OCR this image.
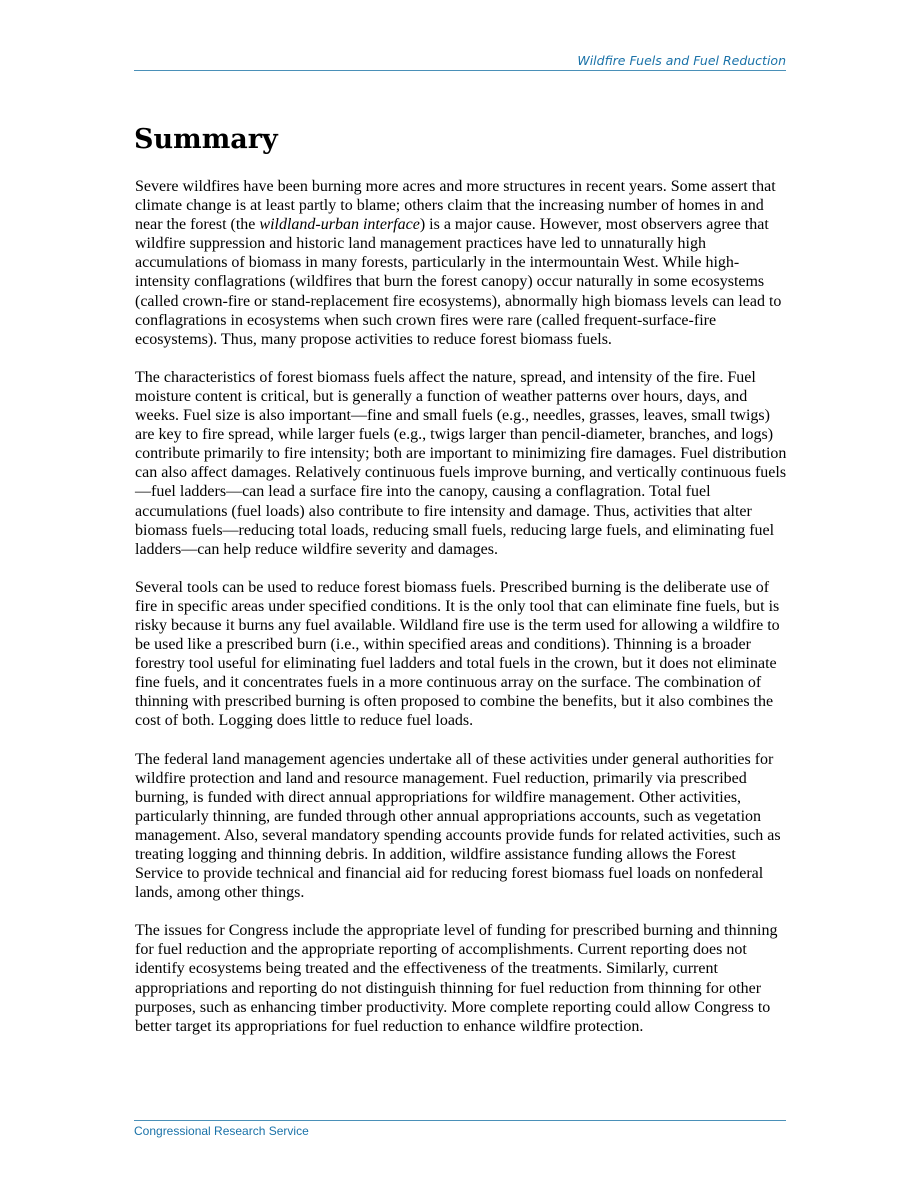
Wildfire Fuels and Fuel Reduction
Summary

Severe wildfires have been burning more acres and more structures in recent years. Some assert that climate change is at least partly to blame; others claim that the increasing number of homes in and near the forest (the wildland-urban interface) is a major cause. However, most observers agree that wildfire suppression and historic land management practices have led to unnaturally high accumulations of biomass in many forests, particularly in the intermountain West. While high-intensity conflagrations (wildfires that burn the forest canopy) occur naturally in some ecosystems (called crown-fire or stand-replacement fire ecosystems), abnormally high biomass levels can lead to conflagrations in ecosystems when such crown fires were rare (called frequent-surface-fire ecosystems). Thus, many propose activities to reduce forest biomass fuels.

The characteristics of forest biomass fuels affect the nature, spread, and intensity of the fire. Fuel moisture content is critical, but is generally a function of weather patterns over hours, days, and weeks. Fuel size is also important—fine and small fuels (e.g., needles, grasses, leaves, small twigs) are key to fire spread, while larger fuels (e.g., twigs larger than pencil-diameter, branches, and logs) contribute primarily to fire intensity; both are important to minimizing fire damages. Fuel distribution can also affect damages. Relatively continuous fuels improve burning, and vertically continuous fuels—fuel ladders—can lead a surface fire into the canopy, causing a conflagration. Total fuel accumulations (fuel loads) also contribute to fire intensity and damage. Thus, activities that alter biomass fuels—reducing total loads, reducing small fuels, reducing large fuels, and eliminating fuel ladders—can help reduce wildfire severity and damages.

Several tools can be used to reduce forest biomass fuels. Prescribed burning is the deliberate use of fire in specific areas under specified conditions. It is the only tool that can eliminate fine fuels, but is risky because it burns any fuel available. Wildland fire use is the term used for allowing a wildfire to be used like a prescribed burn (i.e., within specified areas and conditions). Thinning is a broader forestry tool useful for eliminating fuel ladders and total fuels in the crown, but it does not eliminate fine fuels, and it concentrates fuels in a more continuous array on the surface. The combination of thinning with prescribed burning is often proposed to combine the benefits, but it also combines the cost of both. Logging does little to reduce fuel loads.

The federal land management agencies undertake all of these activities under general authorities for wildfire protection and land and resource management. Fuel reduction, primarily via prescribed burning, is funded with direct annual appropriations for wildfire management. Other activities, particularly thinning, are funded through other annual appropriations accounts, such as vegetation management. Also, several mandatory spending accounts provide funds for related activities, such as treating logging and thinning debris. In addition, wildfire assistance funding allows the Forest Service to provide technical and financial aid for reducing forest biomass fuel loads on nonfederal lands, among other things.

The issues for Congress include the appropriate level of funding for prescribed burning and thinning for fuel reduction and the appropriate reporting of accomplishments. Current reporting does not identify ecosystems being treated and the effectiveness of the treatments. Similarly, current appropriations and reporting do not distinguish thinning for fuel reduction from thinning for other purposes, such as enhancing timber productivity. More complete reporting could allow Congress to better target its appropriations for fuel reduction to enhance wildfire protection.

Congressional Research Service
